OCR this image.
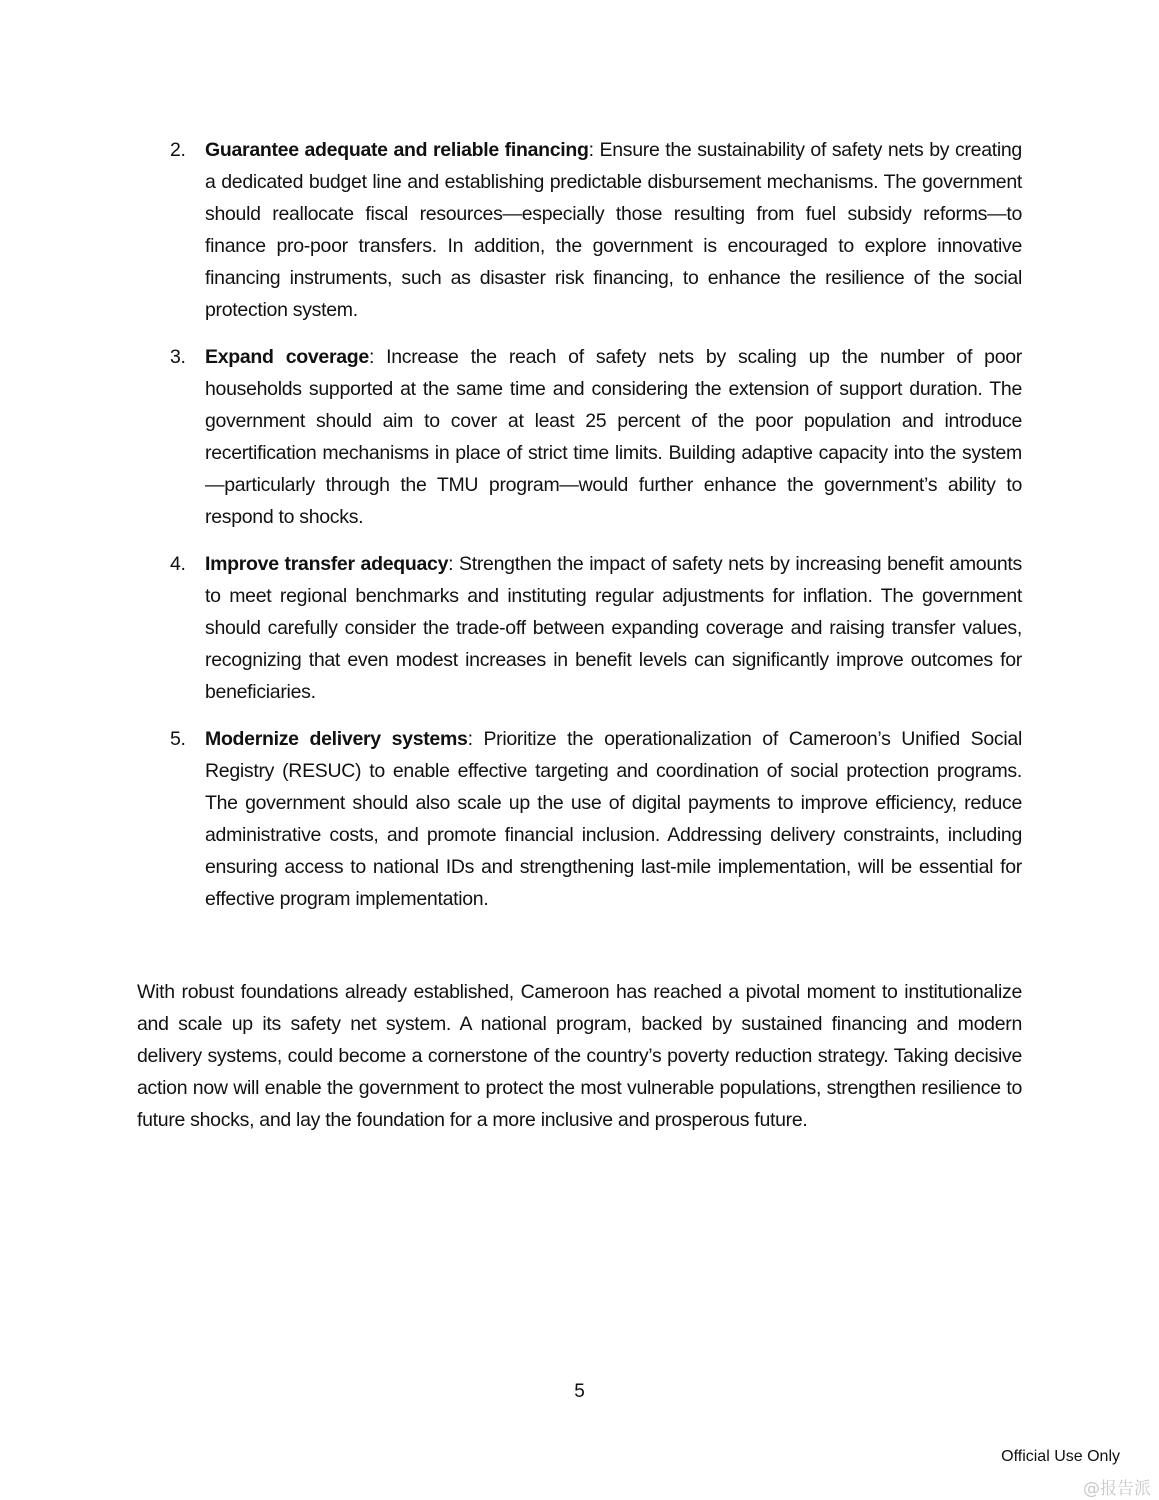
2. Guarantee adequate and reliable financing: Ensure the sustainability of safety nets by creating a dedicated budget line and establishing predictable disbursement mechanisms. The government should reallocate fiscal resources—especially those resulting from fuel subsidy reforms—to finance pro-poor transfers. In addition, the government is encouraged to explore innovative financing instruments, such as disaster risk financing, to enhance the resilience of the social protection system.
3. Expand coverage: Increase the reach of safety nets by scaling up the number of poor households supported at the same time and considering the extension of support duration. The government should aim to cover at least 25 percent of the poor population and introduce recertification mechanisms in place of strict time limits. Building adaptive capacity into the system—particularly through the TMU program—would further enhance the government’s ability to respond to shocks.
4. Improve transfer adequacy: Strengthen the impact of safety nets by increasing benefit amounts to meet regional benchmarks and instituting regular adjustments for inflation. The government should carefully consider the trade-off between expanding coverage and raising transfer values, recognizing that even modest increases in benefit levels can significantly improve outcomes for beneficiaries.
5. Modernize delivery systems: Prioritize the operationalization of Cameroon’s Unified Social Registry (RESUC) to enable effective targeting and coordination of social protection programs. The government should also scale up the use of digital payments to improve efficiency, reduce administrative costs, and promote financial inclusion. Addressing delivery constraints, including ensuring access to national IDs and strengthening last-mile implementation, will be essential for effective program implementation.

With robust foundations already established, Cameroon has reached a pivotal moment to institutionalize and scale up its safety net system. A national program, backed by sustained financing and modern delivery systems, could become a cornerstone of the country’s poverty reduction strategy. Taking decisive action now will enable the government to protect the most vulnerable populations, strengthen resilience to future shocks, and lay the foundation for a more inclusive and prosperous future.

5
Official Use Only
@报告派
